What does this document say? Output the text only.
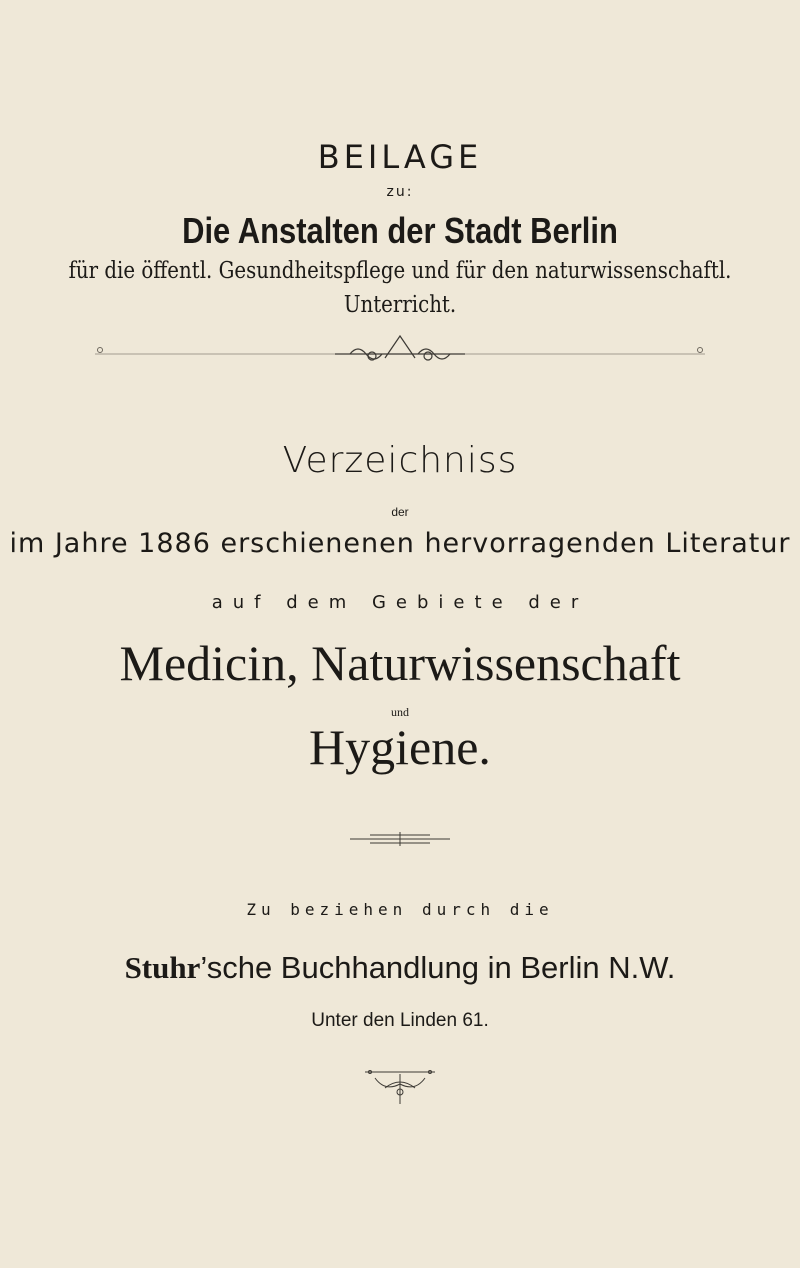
BEILAGE
zu:
Die Anstalten der Stadt Berlin
für die öffentl. Gesundheitspflege und für den naturwissenschaftl.
Unterricht.
Verzeichniss
der
im Jahre 1886 erschienenen hervorragenden Literatur
auf dem Gebiete der
Medicin, Naturwissenschaft
und
Hygiene.
Zu beziehen durch die
Stuhr’sche Buchhandlung in Berlin N.W.
Unter den Linden 61.
